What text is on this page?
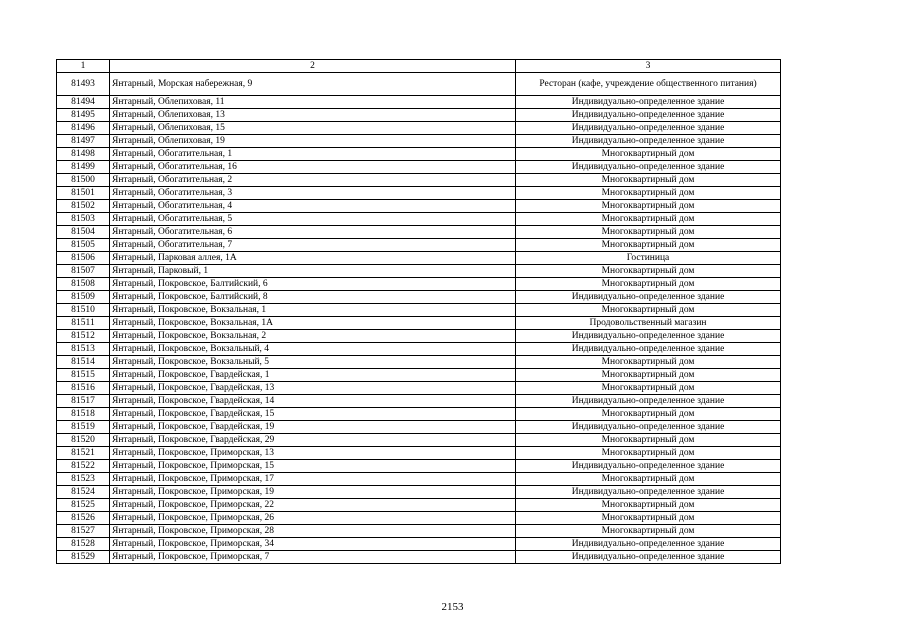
1	2	3
81493	Янтарный, Морская набережная, 9	Ресторан (кафе, учреждение общественного питания)
81494	Янтарный, Облепиховая, 11	Индивидуально-определенное здание
81495	Янтарный, Облепиховая, 13	Индивидуально-определенное здание
81496	Янтарный, Облепиховая, 15	Индивидуально-определенное здание
81497	Янтарный, Облепиховая, 19	Индивидуально-определенное здание
81498	Янтарный, Обогатительная, 1	Многоквартирный дом
81499	Янтарный, Обогатительная, 16	Индивидуально-определенное здание
81500	Янтарный, Обогатительная, 2	Многоквартирный дом
81501	Янтарный, Обогатительная, 3	Многоквартирный дом
81502	Янтарный, Обогатительная, 4	Многоквартирный дом
81503	Янтарный, Обогатительная, 5	Многоквартирный дом
81504	Янтарный, Обогатительная, 6	Многоквартирный дом
81505	Янтарный, Обогатительная, 7	Многоквартирный дом
81506	Янтарный, Парковая аллея, 1А	Гостиница
81507	Янтарный, Парковый, 1	Многоквартирный дом
81508	Янтарный, Покровское, Балтийский, 6	Многоквартирный дом
81509	Янтарный, Покровское, Балтийский, 8	Индивидуально-определенное здание
81510	Янтарный, Покровское, Вокзальная, 1	Многоквартирный дом
81511	Янтарный, Покровское, Вокзальная, 1А	Продовольственный магазин
81512	Янтарный, Покровское, Вокзальная, 2	Индивидуально-определенное здание
81513	Янтарный, Покровское, Вокзальный, 4	Индивидуально-определенное здание
81514	Янтарный, Покровское, Вокзальный, 5	Многоквартирный дом
81515	Янтарный, Покровское, Гвардейская, 1	Многоквартирный дом
81516	Янтарный, Покровское, Гвардейская, 13	Многоквартирный дом
81517	Янтарный, Покровское, Гвардейская, 14	Индивидуально-определенное здание
81518	Янтарный, Покровское, Гвардейская, 15	Многоквартирный дом
81519	Янтарный, Покровское, Гвардейская, 19	Индивидуально-определенное здание
81520	Янтарный, Покровское, Гвардейская, 29	Многоквартирный дом
81521	Янтарный, Покровское, Приморская, 13	Многоквартирный дом
81522	Янтарный, Покровское, Приморская, 15	Индивидуально-определенное здание
81523	Янтарный, Покровское, Приморская, 17	Многоквартирный дом
81524	Янтарный, Покровское, Приморская, 19	Индивидуально-определенное здание
81525	Янтарный, Покровское, Приморская, 22	Многоквартирный дом
81526	Янтарный, Покровское, Приморская, 26	Многоквартирный дом
81527	Янтарный, Покровское, Приморская, 28	Многоквартирный дом
81528	Янтарный, Покровское, Приморская, 34	Индивидуально-определенное здание
81529	Янтарный, Покровское, Приморская, 7	Индивидуально-определенное здание
2153
